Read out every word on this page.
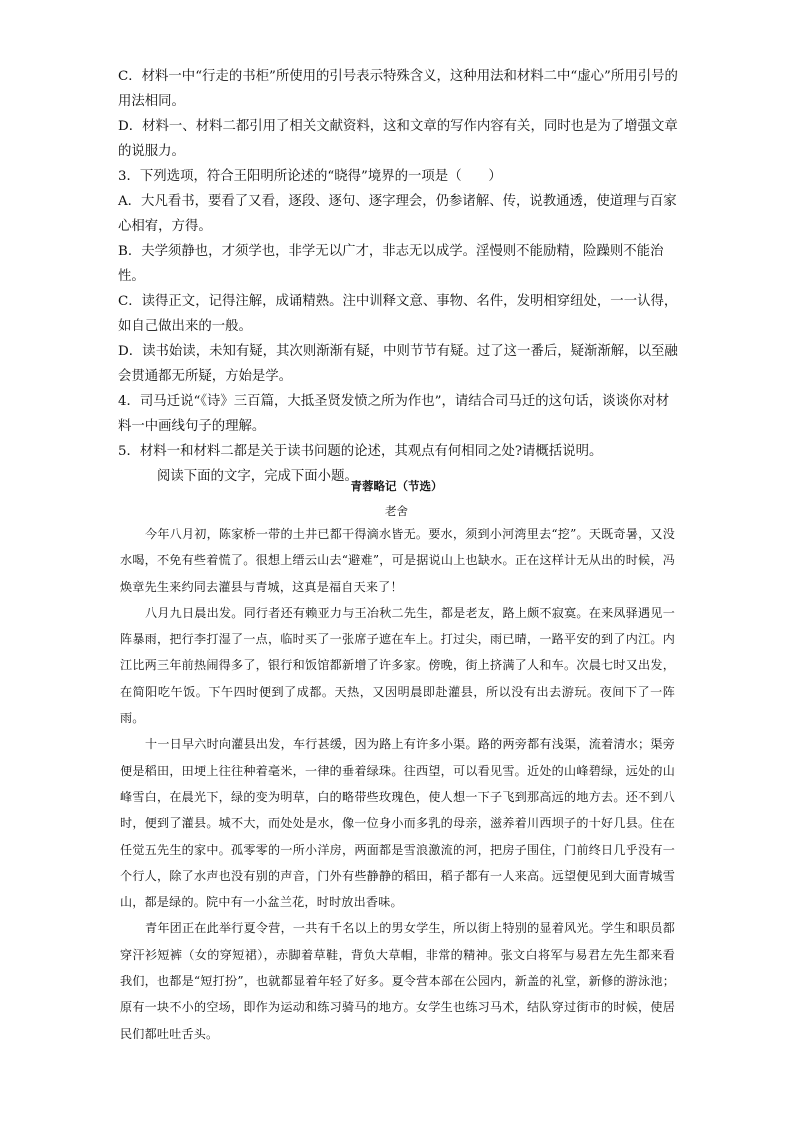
C．材料一中“行走的书柜”所使用的引号表示特殊含义，这种用法和材料二中“虚心”所用引号的用法相同。

D．材料一、材料二都引用了相关文献资料，这和文章的写作内容有关，同时也是为了增强文章的说服力。

3．下列选项，符合王阳明所论述的“晓得”境界的一项是（　　）

A．大凡看书，要看了又看，逐段、逐句、逐字理会，仍参诸解、传，说教通透，使道理与百家心相宥，方得。

B．夫学须静也，才须学也，非学无以广才，非志无以成学。淫慢则不能励精，险躁则不能治性。

C．读得正文，记得注解，成诵精熟。注中训释文意、事物、名件，发明相穿纽处，一一认得，如自己做出来的一般。

D．读书始读，未知有疑，其次则渐渐有疑，中则节节有疑。过了这一番后，疑渐渐解，以至融会贯通都无所疑，方始是学。

4．司马迁说“《诗》三百篇，大抵圣贤发愤之所为作也”，请结合司马迁的这句话，谈谈你对材料一中画线句子的理解。

5．材料一和材料二都是关于读书问题的论述，其观点有何相同之处?请概括说明。

阅读下面的文字，完成下面小题。

青蓉略记（节选）
老舍

今年八月初，陈家桥一带的土井已都干得滴水皆无。要水，须到小河湾里去“挖”。天既奇暑，又没水喝，不免有些着慌了。很想上缙云山去“避难”，可是据说山上也缺水。正在这样计无从出的时候，冯焕章先生来约同去灌县与青城，这真是福自天来了！

八月九日晨出发。同行者还有赖亚力与王冶秋二先生，都是老友，路上颇不寂寞。在来凤驿遇见一阵暴雨，把行李打湿了一点，临时买了一张席子遮在车上。打过尖，雨已晴，一路平安的到了内江。内江比两三年前热闹得多了，银行和饭馆都新增了许多家。傍晚，街上挤满了人和车。次晨七时又出发，在简阳吃午饭。下午四时便到了成都。天热，又因明晨即赴灌县，所以没有出去游玩。夜间下了一阵雨。

十一日早六时向灌县出发，车行甚缓，因为路上有许多小渠。路的两旁都有浅渠，流着清水；渠旁便是稻田，田埂上往往种着毫米，一律的垂着绿珠。往西望，可以看见雪。近处的山峰碧绿，远处的山峰雪白，在晨光下，绿的变为明草，白的略带些玫瑰色，使人想一下子飞到那高远的地方去。还不到八时，便到了灌县。城不大，而处处是水，像一位身小而多乳的母亲，滋养着川西坝子的十好几县。住在任觉五先生的家中。孤零零的一所小洋房，两面都是雪浪激流的河，把房子围住，门前终日几乎没有一个行人，除了水声也没有别的声音，门外有些静静的稻田，稻子都有一人来高。远望便见到大面青城雪山，都是绿的。院中有一小盆兰花，时时放出香味。

青年团正在此举行夏令营，一共有千名以上的男女学生，所以街上特别的显着风光。学生和职员都穿汗衫短裤（女的穿短裙），赤脚着草鞋，背负大草帽，非常的精神。张文白将军与易君左先生都来看我们，也都是“短打扮”，也就都显着年轻了好多。夏令营本部在公园内，新盖的礼堂，新修的游泳池；原有一块不小的空场，即作为运动和练习骑马的地方。女学生也练习马术，结队穿过街市的时候，使居民们都吐吐舌头。
